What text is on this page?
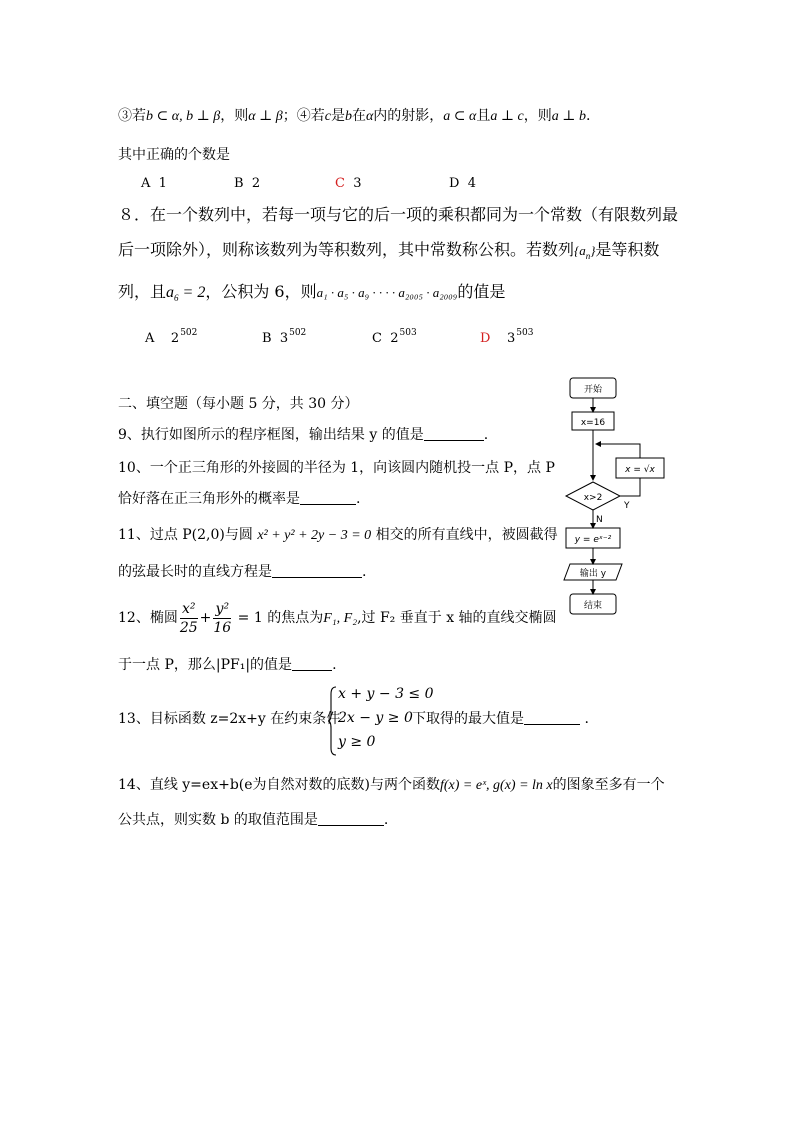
③若b ⊂ α, b ⊥ β，则α ⊥ β；④若c是b在α内的射影，a ⊂ α且a ⊥ c，则a ⊥ b.
其中正确的个数是
A 1	B 2	C 3	D 4
８．在一个数列中，若每一项与它的后一项的乘积都同为一个常数（有限数列最
后一项除外），则称该数列为等积数列，其中常数称公积。若数列$\{a_n\}$是等积数
列，且$a_6 = 2$，公积为 6，则a₁ · a₅ · a₉ · · · · a₂₀₀₅ · a₂₀₀₉的值是
A $2^{502}$	B $3^{502}$	C $2^{503}$	D $3^{503}$
二、填空题（每小题 5 分，共 30 分）
9、执行如图所示的程序框图，输出结果 y 的值是	.
10、一个正三角形的外接圆的半径为 1，向该圆内随机投一点 P，点 P
恰好落在正三角形外的概率是	.
11、过点 P(2,0)与圆 x² + y² + 2y − 3 = 0 相交的所有直线中，被圆截得
的弦最长时的直线方程是	.
12、椭圆 $\frac{\text{x²}}{25} + \frac{\text{y²}}{16} = 1$ 的焦点为F₁, F₂,过 F₂ 垂直于 x 轴的直线交椭圆
于一点 P，那么|PF₁|的值是	.
13、目标函数 z=2x+y 在约束条件
x + y − 3 ≤ 0
2x − y ≥ 0
y ≥ 0
下取得的最大值是	.
14、直线 y=ex+b(e为自然对数的底数)与两个函数f(x) = eˣ, g(x) = ln x的图象至多有一个
公共点，则实数 b 的取值范围是	.
开始
x=16
x = √x
x>2
Y
N
y = eˣ⁻²
输出 y
结束
